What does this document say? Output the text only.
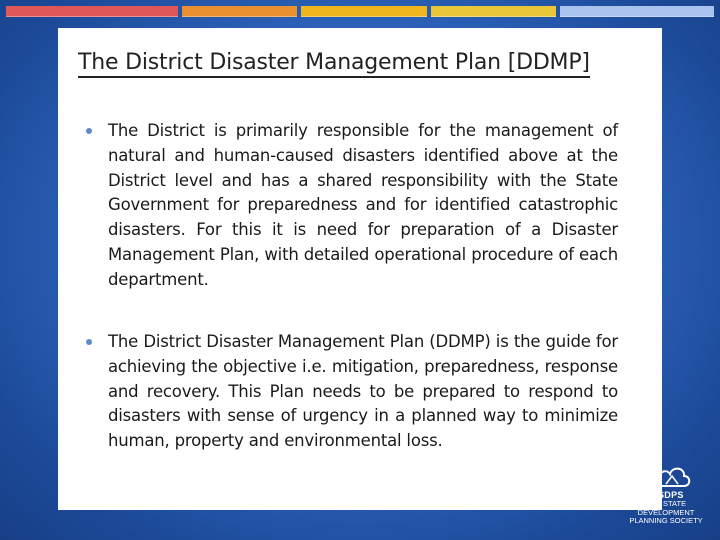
The District Disaster Management Plan [DDMP]

The District is primarily responsible for the management of natural and human-caused disasters identified above at the District level and has a shared responsibility with the State Government for preparedness and for identified catastrophic disasters. For this it is need for preparation of a Disaster Management Plan, with detailed operational procedure of each department.

The District Disaster Management Plan (DDMP) is the guide for achieving the objective i.e. mitigation, preparedness, response and recovery. This Plan needs to be prepared to respond to disasters with sense of urgency in a planned way to minimize human, property and environmental loss.

SDPS
ANA STATE
DEVELOPMENT
PLANNING SOCIETY
